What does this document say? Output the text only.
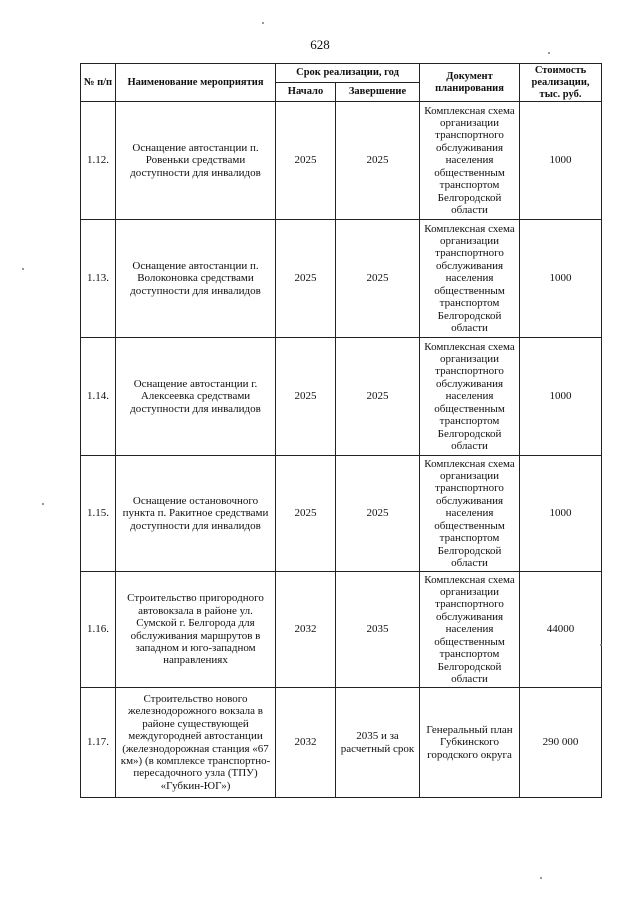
628
№ п/п	Наименование мероприятия	Срок реализации, год		Документ планирования	Стоимость реализации, тыс. руб.
		Начало	Завершение		
1.12.	Оснащение автостанции п. Ровеньки средствами доступности для инвалидов	2025	2025	Комплексная схема организации транспортного обслуживания населения общественным транспортом Белгородской области	1000
1.13.	Оснащение автостанции п. Волоконовка средствами доступности для инвалидов	2025	2025	Комплексная схема организации транспортного обслуживания населения общественным транспортом Белгородской области	1000
1.14.	Оснащение автостанции г. Алексеевка средствами доступности для инвалидов	2025	2025	Комплексная схема организации транспортного обслуживания населения общественным транспортом Белгородской области	1000
1.15.	Оснащение остановочного пункта п. Ракитное средствами доступности для инвалидов	2025	2025	Комплексная схема организации транспортного обслуживания населения общественным транспортом Белгородской области	1000
1.16.	Строительство пригородного автовокзала в районе ул. Сумской г. Белгорода для обслуживания маршрутов в западном и юго-западном направлениях	2032	2035	Комплексная схема организации транспортного обслуживания населения общественным транспортом Белгородской области	44000
1.17.	Строительство нового железнодорожного вокзала в районе существующей междугородней автостанции (железнодорожная станция «67 км») (в комплексе транспортно-пересадочного узла (ТПУ) «Губкин-ЮГ»)	2032	2035 и за расчетный срок	Генеральный план Губкинского городского округа	290 000
